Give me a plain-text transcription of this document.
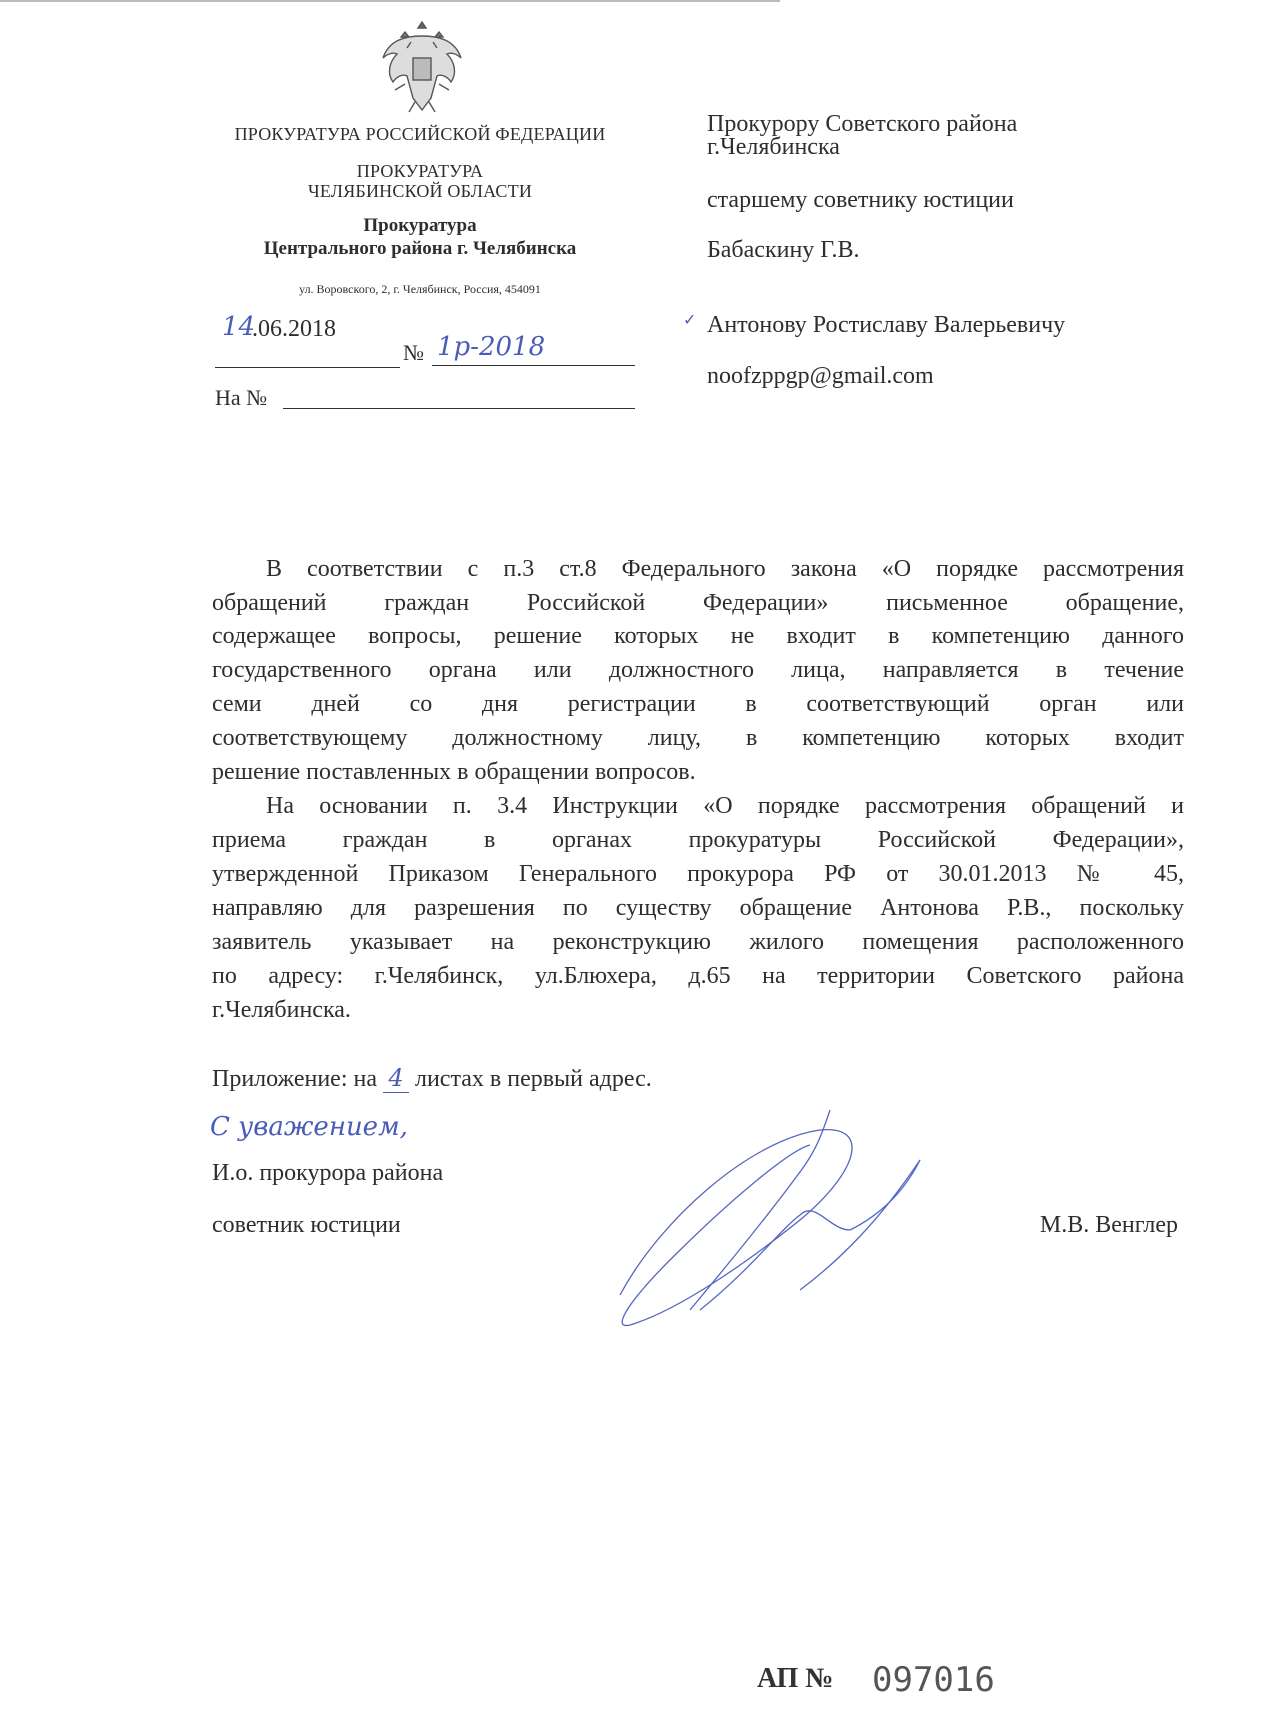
ПРОКУРАТУРА РОССИЙСКОЙ ФЕДЕРАЦИИ
ПРОКУРАТУРА
ЧЕЛЯБИНСКОЙ ОБЛАСТИ
Прокуратура
Центрального района г. Челябинска
ул. Воровского, 2, г. Челябинск, Россия, 454091
14
.06.2018
№ 1р-2018
На №
Прокурору Советского района
г.Челябинска
старшему советнику юстиции
Бабаскину Г.В.
✓ Антонову Ростиславу Валерьевичу
noofzppgp@gmail.com
В соответствии с п.3 ст.8 Федерального закона «О порядке рассмотрения
обращений граждан Российской Федерации» письменное обращение,
содержащее вопросы, решение которых не входит в компетенцию данного
государственного органа или должностного лица, направляется в течение
семи дней со дня регистрации в соответствующий орган или
соответствующему должностному лицу, в компетенцию которых входит
решение поставленных в обращении вопросов.
На основании п. 3.4 Инструкции «О порядке рассмотрения обращений и
приема граждан в органах прокуратуры Российской Федерации»,
утвержденной Приказом Генерального прокурора РФ от 30.01.2013 № 45,
направляю для разрешения по существу обращение Антонова Р.В., поскольку
заявитель указывает на реконструкцию жилого помещения расположенного
по адресу: г.Челябинск, ул.Блюхера, д.65 на территории Советского района
г.Челябинска.
Приложение: на 4 листах в первый адрес.
С уважением,
И.о. прокурора района
советник юстиции	М.В. Венглер
АП № 097016
